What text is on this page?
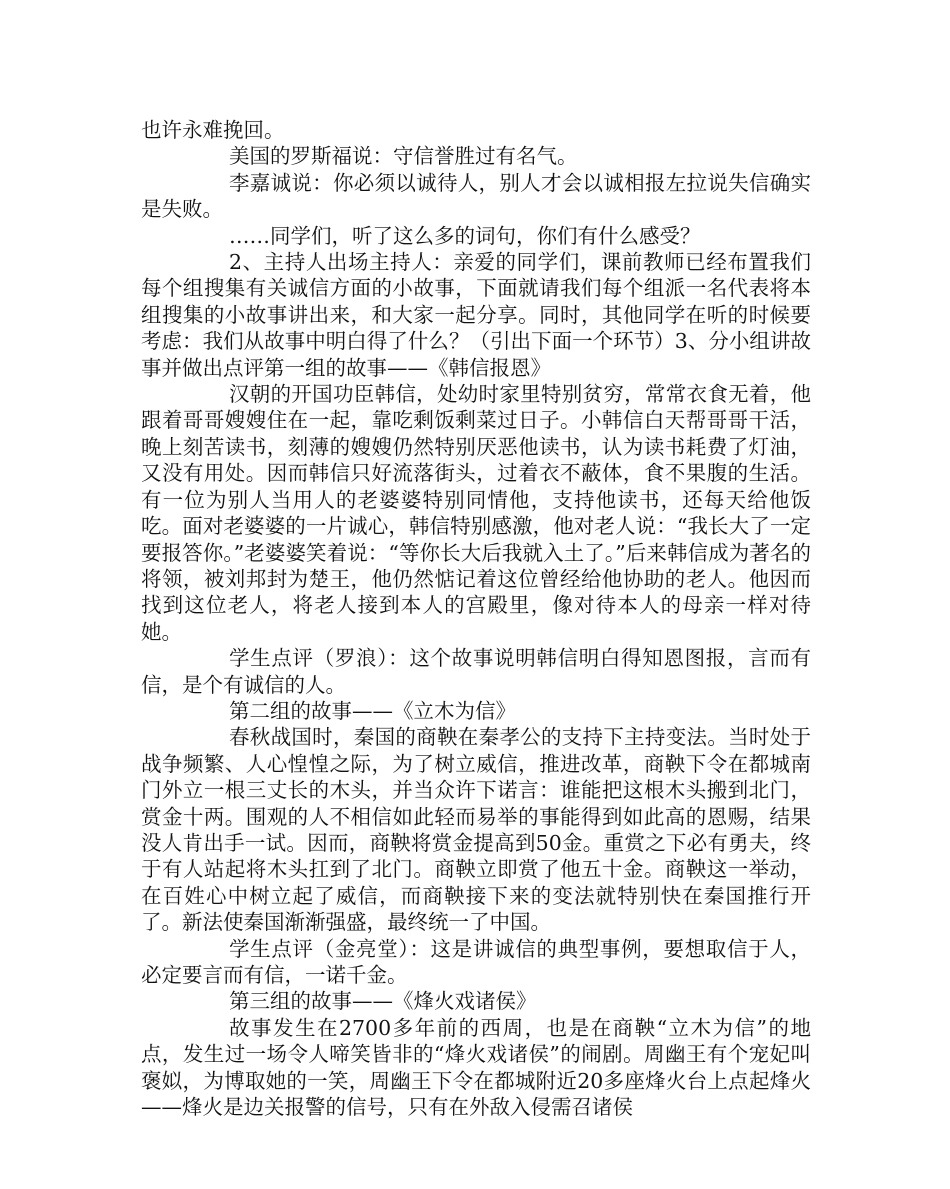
也许永难挽回。

美国的罗斯福说：守信誉胜过有名气。

李嘉诚说：你必须以诚待人，别人才会以诚相报左拉说失信确实是失败。

……同学们，听了这么多的词句，你们有什么感受？

2、主持人出场主持人：亲爱的同学们，课前教师已经布置我们每个组搜集有关诚信方面的小故事，下面就请我们每个组派一名代表将本组搜集的小故事讲出来，和大家一起分享。同时，其他同学在听的时候要考虑：我们从故事中明白得了什么？（引出下面一个环节）3、分小组讲故事并做出点评第一组的故事——《韩信报恩》

汉朝的开国功臣韩信，处幼时家里特别贫穷，常常衣食无着，他跟着哥哥嫂嫂住在一起，靠吃剩饭剩菜过日子。小韩信白天帮哥哥干活，晚上刻苦读书，刻薄的嫂嫂仍然特别厌恶他读书，认为读书耗费了灯油，又没有用处。因而韩信只好流落街头，过着衣不蔽体，食不果腹的生活。有一位为别人当用人的老婆婆特别同情他，支持他读书，还每天给他饭吃。面对老婆婆的一片诚心，韩信特别感激，他对老人说：“我长大了一定要报答你。”老婆婆笑着说：“等你长大后我就入土了。”后来韩信成为著名的将领，被刘邦封为楚王，他仍然惦记着这位曾经给他协助的老人。他因而找到这位老人，将老人接到本人的宫殿里，像对待本人的母亲一样对待她。

学生点评（罗浪）：这个故事说明韩信明白得知恩图报，言而有信，是个有诚信的人。

第二组的故事——《立木为信》

春秋战国时，秦国的商鞅在秦孝公的支持下主持变法。当时处于战争频繁、人心惶惶之际，为了树立威信，推进改革，商鞅下令在都城南门外立一根三丈长的木头，并当众许下诺言：谁能把这根木头搬到北门，赏金十两。围观的人不相信如此轻而易举的事能得到如此高的恩赐，结果没人肯出手一试。因而，商鞅将赏金提高到50金。重赏之下必有勇夫，终于有人站起将木头扛到了北门。商鞅立即赏了他五十金。商鞅这一举动，在百姓心中树立起了威信，而商鞅接下来的变法就特别快在秦国推行开了。新法使秦国渐渐强盛，最终统一了中国。

学生点评（金亮堂）：这是讲诚信的典型事例，要想取信于人，必定要言而有信，一诺千金。

第三组的故事——《烽火戏诸侯》

故事发生在2700多年前的西周，也是在商鞅“立木为信”的地点，发生过一场令人啼笑皆非的“烽火戏诸侯”的闹剧。周幽王有个宠妃叫褒姒，为博取她的一笑，周幽王下令在都城附近20多座烽火台上点起烽火——烽火是边关报警的信号，只有在外敌入侵需召诸侯
